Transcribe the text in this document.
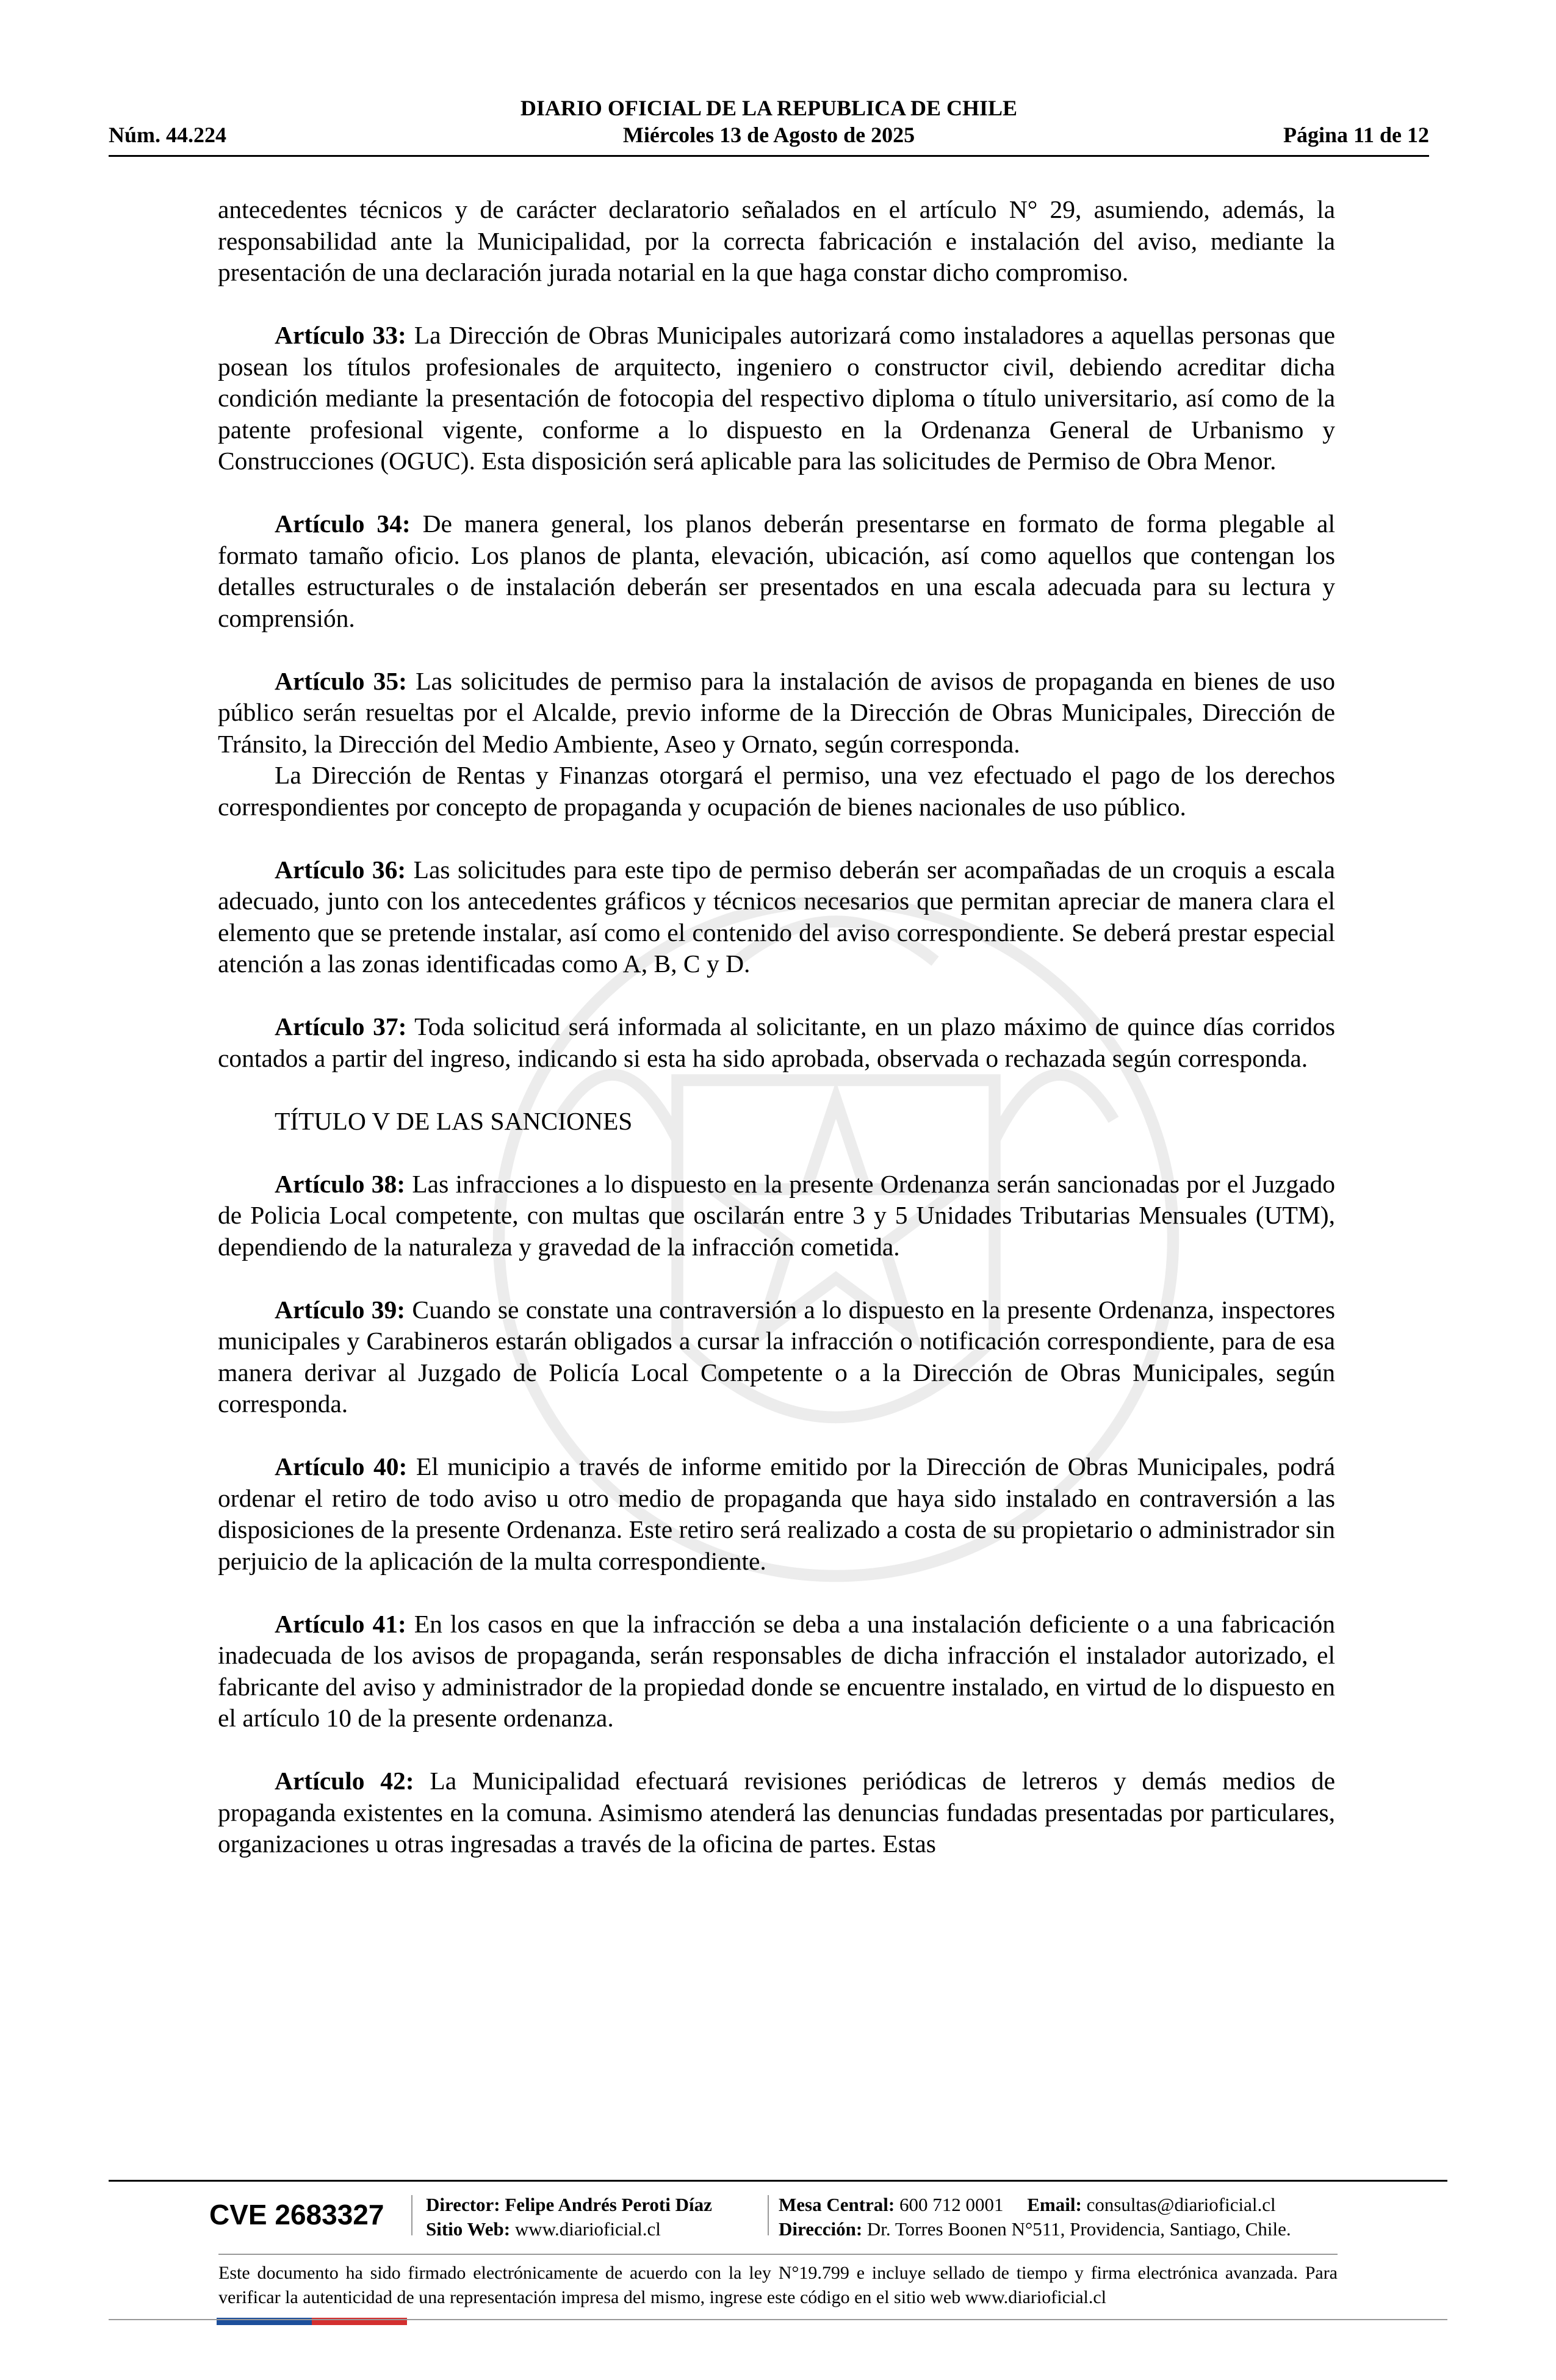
DIARIO OFICIAL DE LA REPUBLICA DE CHILE
Núm. 44.224	Miércoles 13 de Agosto de 2025	Página 11 de 12

antecedentes técnicos y de carácter declaratorio señalados en el artículo N° 29, asumiendo, además, la responsabilidad ante la Municipalidad, por la correcta fabricación e instalación del aviso, mediante la presentación de una declaración jurada notarial en la que haga constar dicho compromiso.

Artículo 33: La Dirección de Obras Municipales autorizará como instaladores a aquellas personas que posean los títulos profesionales de arquitecto, ingeniero o constructor civil, debiendo acreditar dicha condición mediante la presentación de fotocopia del respectivo diploma o título universitario, así como de la patente profesional vigente, conforme a lo dispuesto en la Ordenanza General de Urbanismo y Construcciones (OGUC). Esta disposición será aplicable para las solicitudes de Permiso de Obra Menor.

Artículo 34: De manera general, los planos deberán presentarse en formato de forma plegable al formato tamaño oficio. Los planos de planta, elevación, ubicación, así como aquellos que contengan los detalles estructurales o de instalación deberán ser presentados en una escala adecuada para su lectura y comprensión.

Artículo 35: Las solicitudes de permiso para la instalación de avisos de propaganda en bienes de uso público serán resueltas por el Alcalde, previo informe de la Dirección de Obras Municipales, Dirección de Tránsito, la Dirección del Medio Ambiente, Aseo y Ornato, según corresponda.

La Dirección de Rentas y Finanzas otorgará el permiso, una vez efectuado el pago de los derechos correspondientes por concepto de propaganda y ocupación de bienes nacionales de uso público.

Artículo 36: Las solicitudes para este tipo de permiso deberán ser acompañadas de un croquis a escala adecuado, junto con los antecedentes gráficos y técnicos necesarios que permitan apreciar de manera clara el elemento que se pretende instalar, así como el contenido del aviso correspondiente. Se deberá prestar especial atención a las zonas identificadas como A, B, C y D.

Artículo 37: Toda solicitud será informada al solicitante, en un plazo máximo de quince días corridos contados a partir del ingreso, indicando si esta ha sido aprobada, observada o rechazada según corresponda.

TÍTULO V DE LAS SANCIONES

Artículo 38: Las infracciones a lo dispuesto en la presente Ordenanza serán sancionadas por el Juzgado de Policia Local competente, con multas que oscilarán entre 3 y 5 Unidades Tributarias Mensuales (UTM), dependiendo de la naturaleza y gravedad de la infracción cometida.

Artículo 39: Cuando se constate una contraversión a lo dispuesto en la presente Ordenanza, inspectores municipales y Carabineros estarán obligados a cursar la infracción o notificación correspondiente, para de esa manera derivar al Juzgado de Policía Local Competente o a la Dirección de Obras Municipales, según corresponda.

Artículo 40: El municipio a través de informe emitido por la Dirección de Obras Municipales, podrá ordenar el retiro de todo aviso u otro medio de propaganda que haya sido instalado en contraversión a las disposiciones de la presente Ordenanza. Este retiro será realizado a costa de su propietario o administrador sin perjuicio de la aplicación de la multa correspondiente.

Artículo 41: En los casos en que la infracción se deba a una instalación deficiente o a una fabricación inadecuada de los avisos de propaganda, serán responsables de dicha infracción el instalador autorizado, el fabricante del aviso y administrador de la propiedad donde se encuentre instalado, en virtud de lo dispuesto en el artículo 10 de la presente ordenanza.

Artículo 42: La Municipalidad efectuará revisiones periódicas de letreros y demás medios de propaganda existentes en la comuna. Asimismo atenderá las denuncias fundadas presentadas por particulares, organizaciones u otras ingresadas a través de la oficina de partes. Estas

CVE 2683327 Director: Felipe Andrés Peroti Díaz
Sitio Web: www.diarioficial.cl
Mesa Central: 600 712 0001 Email: consultas@diarioficial.cl
Dirección: Dr. Torres Boonen N°511, Providencia, Santiago, Chile.
Este documento ha sido firmado electrónicamente de acuerdo con la ley N°19.799 e incluye sellado de tiempo y firma electrónica avanzada. Para verificar la autenticidad de una representación impresa del mismo, ingrese este código en el sitio web www.diarioficial.cl
